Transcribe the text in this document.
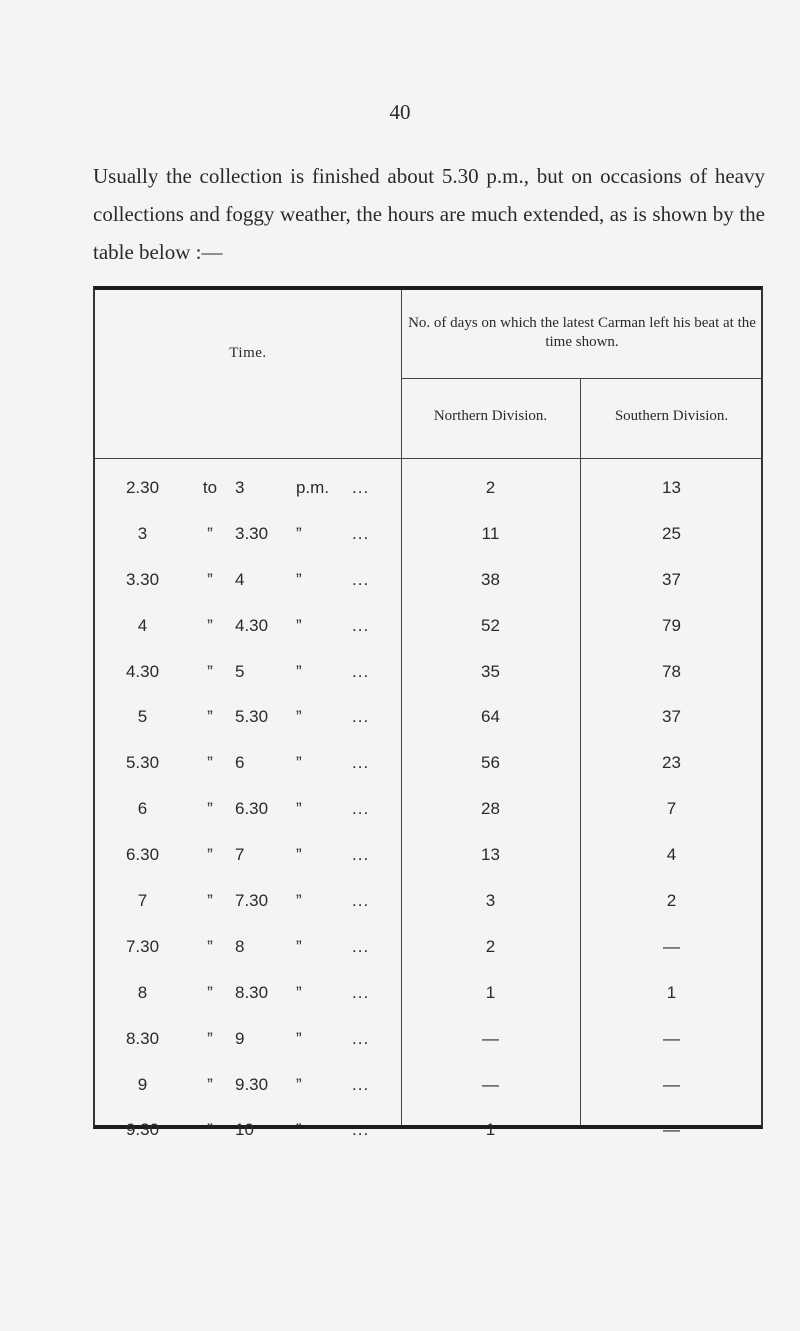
40

Usually the collection is finished about 5.30 p.m., but on occasions of heavy collections and foggy weather, the hours are much extended, as is shown by the table below :—

Time.
No. of days on which the latest Carman left his beat at the time shown.
Northern Division.	Southern Division.
2.30	to	3	p.m.	...	2	13
3	”	3.30	”	...	11	25
3.30	”	4	”	...	38	37
4	”	4.30	”	...	52	79
4.30	”	5	”	...	35	78
5	”	5.30	”	...	64	37
5.30	”	6	”	...	56	23
6	”	6.30	”	...	28	7
6.30	”	7	”	...	13	4
7	”	7.30	”	...	3	2
7.30	”	8	”	...	2	—
8	”	8.30	”	...	1	1
8.30	”	9	”	...	—	—
9	”	9.30	”	...	—	—
9.30	”	10	”	...	1	—
